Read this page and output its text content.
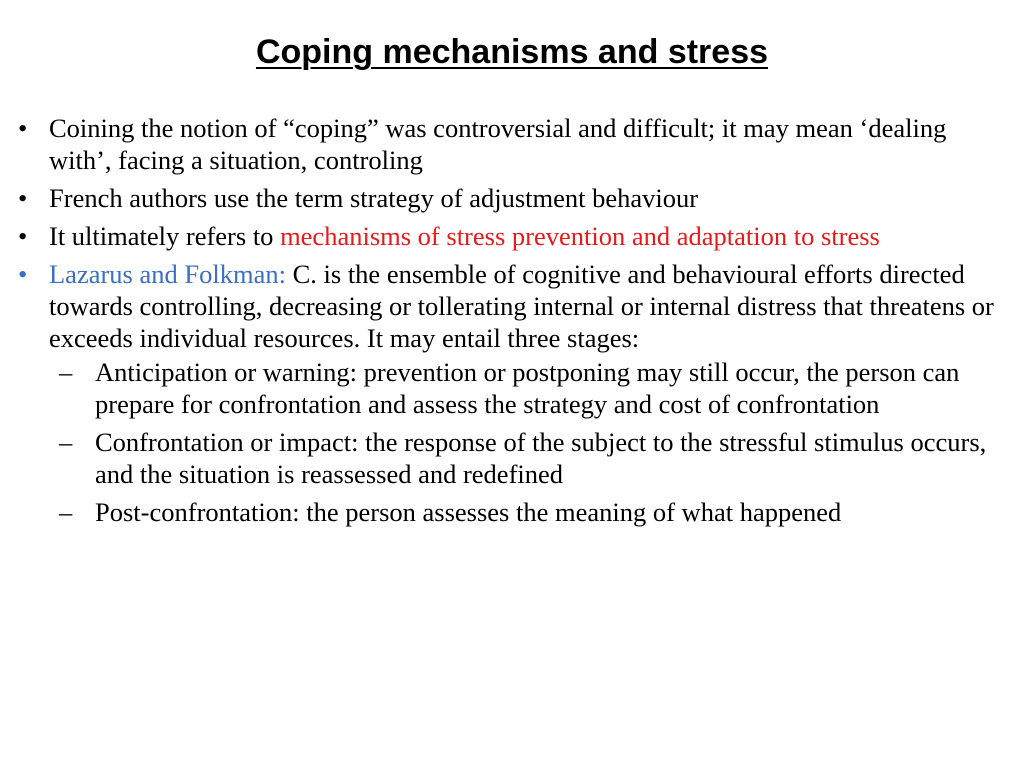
Coping mechanisms and stress
• Coining the notion of “coping” was controversial and difficult; it may mean ‘dealing with’, facing a situation, controling
• French authors use the term strategy of adjustment behaviour
• It ultimately refers to mechanisms of stress prevention and adaptation to stress
• Lazarus and Folkman: C. is the ensemble of cognitive and behavioural efforts directed towards controlling, decreasing or tollerating internal or internal distress that threatens or exceeds individual resources. It may entail three stages:
– Anticipation or warning: prevention or postponing may still occur, the person can prepare for confrontation and assess the strategy and cost of confrontation
– Confrontation or impact: the response of the subject to the stressful stimulus occurs, and the situation is reassessed and redefined
– Post-confrontation: the person assesses the meaning of what happened
